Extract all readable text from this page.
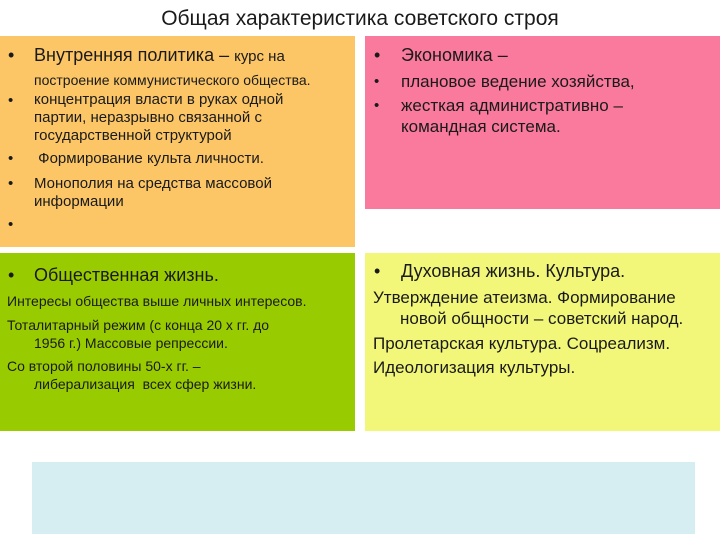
Общая характеристика советского строя
• Внутренняя политика – курс на
построение коммунистического общества.
• концентрация власти в руках одной
партии, неразрывно связанной с
государственной структурой
• Формирование культа личности.
• Монополия на средства массовой
информации
•
• Экономика –
• плановое ведение хозяйства,
• жесткая административно –
командная система.
• Общественная жизнь.
Интересы общества выше личных интересов.
Тоталитарный режим (с конца 20 х гг. до
1956 г.) Массовые репрессии.
Со второй половины 50-х гг. –
либерализация  всех сфер жизни.
• Духовная жизнь. Культура.
Утверждение атеизма. Формирование
новой общности – советский народ.
Пролетарская культура. Соцреализм.
Идеологизация культуры.
